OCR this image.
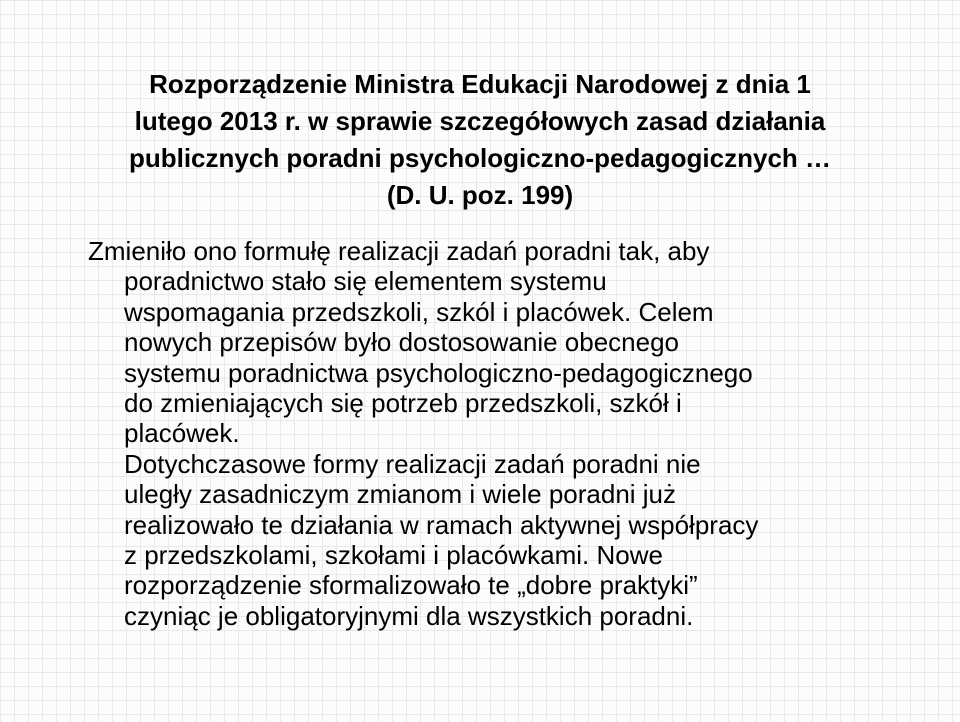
Rozporządzenie Ministra Edukacji Narodowej z dnia 1
lutego 2013 r. w sprawie szczegółowych zasad działania
publicznych poradni psychologiczno-pedagogicznych …
(D. U. poz. 199)
Zmieniło ono formułę realizacji zadań poradni tak, aby
poradnictwo stało się elementem systemu
wspomagania przedszkoli, szkól i placówek. Celem
nowych przepisów było dostosowanie obecnego
systemu poradnictwa psychologiczno-pedagogicznego
do zmieniających się potrzeb przedszkoli, szkół i
placówek.
Dotychczasowe formy realizacji zadań poradni nie
uległy zasadniczym zmianom i wiele poradni już
realizowało te działania w ramach aktywnej współpracy
z przedszkolami, szkołami i placówkami. Nowe
rozporządzenie sformalizowało te „dobre praktyki”
czyniąc je obligatoryjnymi dla wszystkich poradni.
